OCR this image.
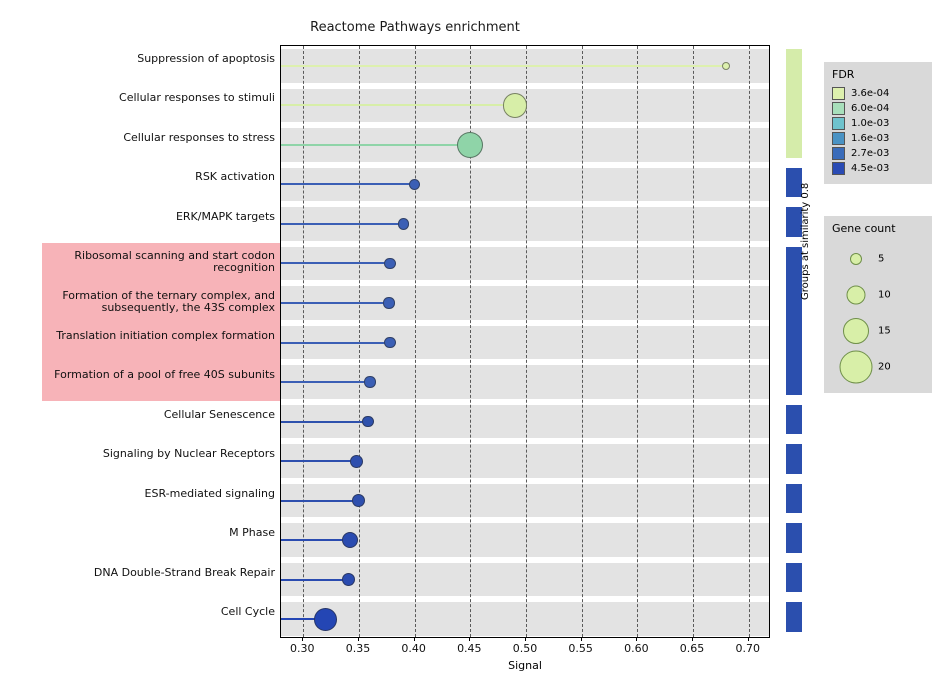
Reactome Pathways enrichment
Suppression of apoptosis
Cellular responses to stimuli
Cellular responses to stress
RSK activation
ERK/MAPK targets
Ribosomal scanning and start codon recognition
Formation of the ternary complex, and subsequently, the 43S complex
Translation initiation complex formation
Formation of a pool of free 40S subunits
Cellular Senescence
Signaling by Nuclear Receptors
ESR-mediated signaling
M Phase
DNA Double-Strand Break Repair
Cell Cycle
0.30	0.35	0.40	0.45	0.50	0.55	0.60	0.65	0.70
Signal
Groups at similarity 0.8
FDR
3.6e-04
6.0e-04
1.0e-03
1.6e-03
2.7e-03
4.5e-03
Gene count
5
10
15
20
